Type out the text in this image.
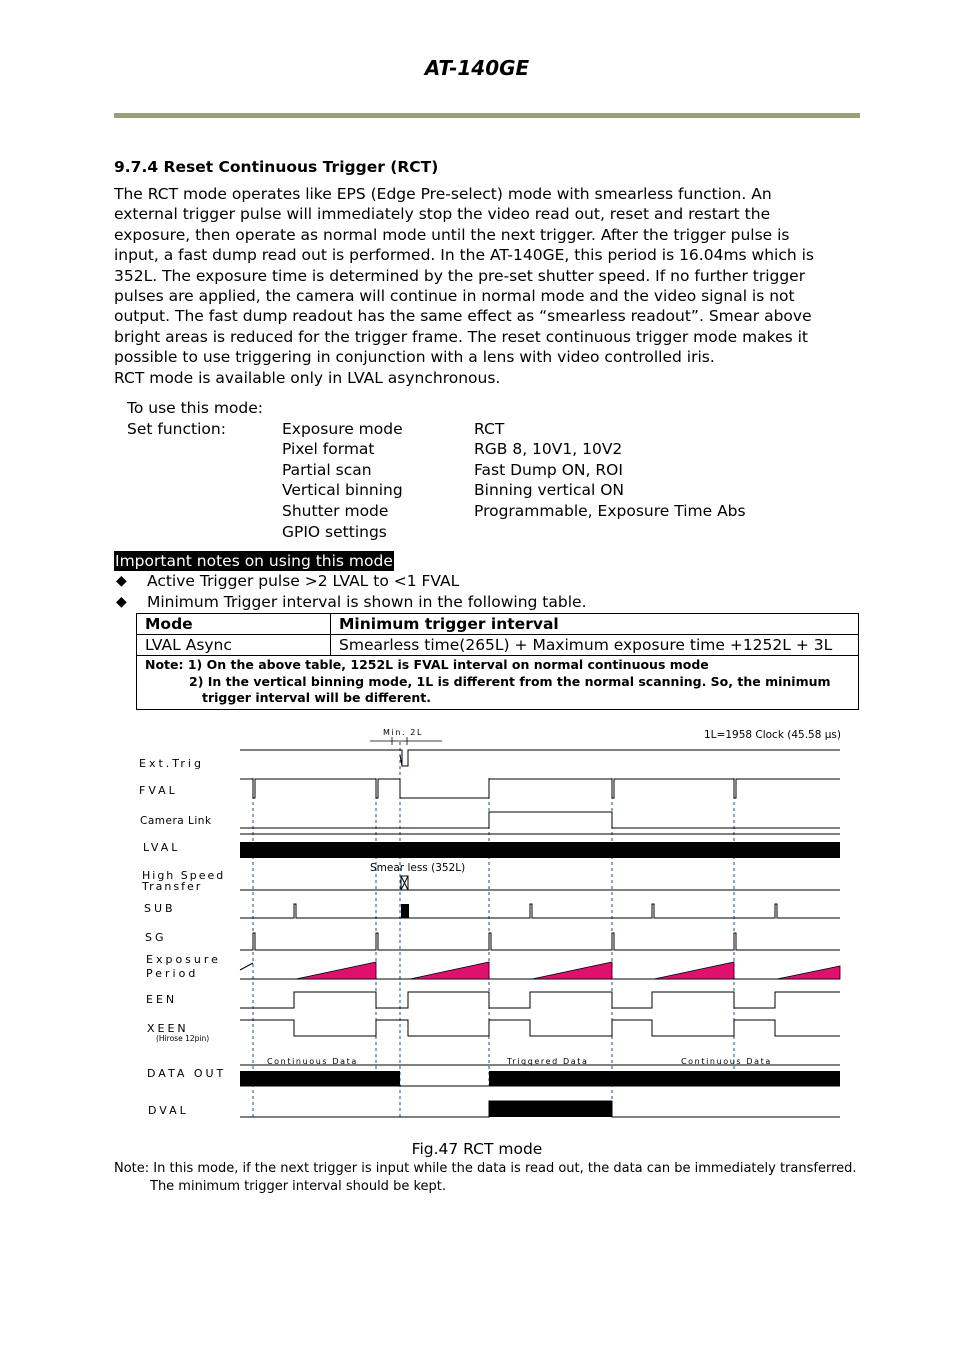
AT-140GE
9.7.4 Reset Continuous Trigger (RCT)

The RCT mode operates like EPS (Edge Pre-select) mode with smearless function. An

external trigger pulse will immediately stop the video read out, reset and restart the

exposure, then operate as normal mode until the next trigger. After the trigger pulse is

input, a fast dump read out is performed. In the AT-140GE, this period is 16.04ms which is

352L. The exposure time is determined by the pre-set shutter speed. If no further trigger

pulses are applied, the camera will continue in normal mode and the video signal is not

output. The fast dump readout has the same effect as “smearless readout”. Smear above

bright areas is reduced for the trigger frame. The reset continuous trigger mode makes it

possible to use triggering in conjunction with a lens with video controlled iris.

RCT mode is available only in LVAL asynchronous.

To use this mode:
Set function:	Exposure mode	RCT
Pixel format	RGB 8, 10V1, 10V2
Partial scan	Fast Dump ON, ROI
Vertical binning	Binning vertical ON
Shutter mode	Programmable, Exposure Time Abs
GPIO settings
Important notes on using this mode
◆ Active Trigger pulse >2 LVAL to <1 FVAL
◆ Minimum Trigger interval is shown in the following table.
Mode	Minimum trigger interval
LVAL Async	Smearless time(265L) + Maximum exposure time +1252L + 3L

Note: 1) On the above table, 1252L is FVAL interval on normal continuous mode
2) In the vertical binning mode, 1L is different from the normal scanning. So, the minimum
trigger interval will be different.	
Min. 2L	1L=1958 Clock (45.58 μs)
Ext.Trig
FVAL
Camera Link
LVAL
High Speed
Transfer
SUB
SG
Exposure
Period
EEN
XEEN
(Hirose 12pin)
DATA OUT
DVAL
Smear less (352L)
Continuous Data	Triggered Data	Continuous Data
Fig.47 RCT mode
Note: In this mode, if the next trigger is input while the data is read out, the data can be immediately transferred.
The minimum trigger interval should be kept.
